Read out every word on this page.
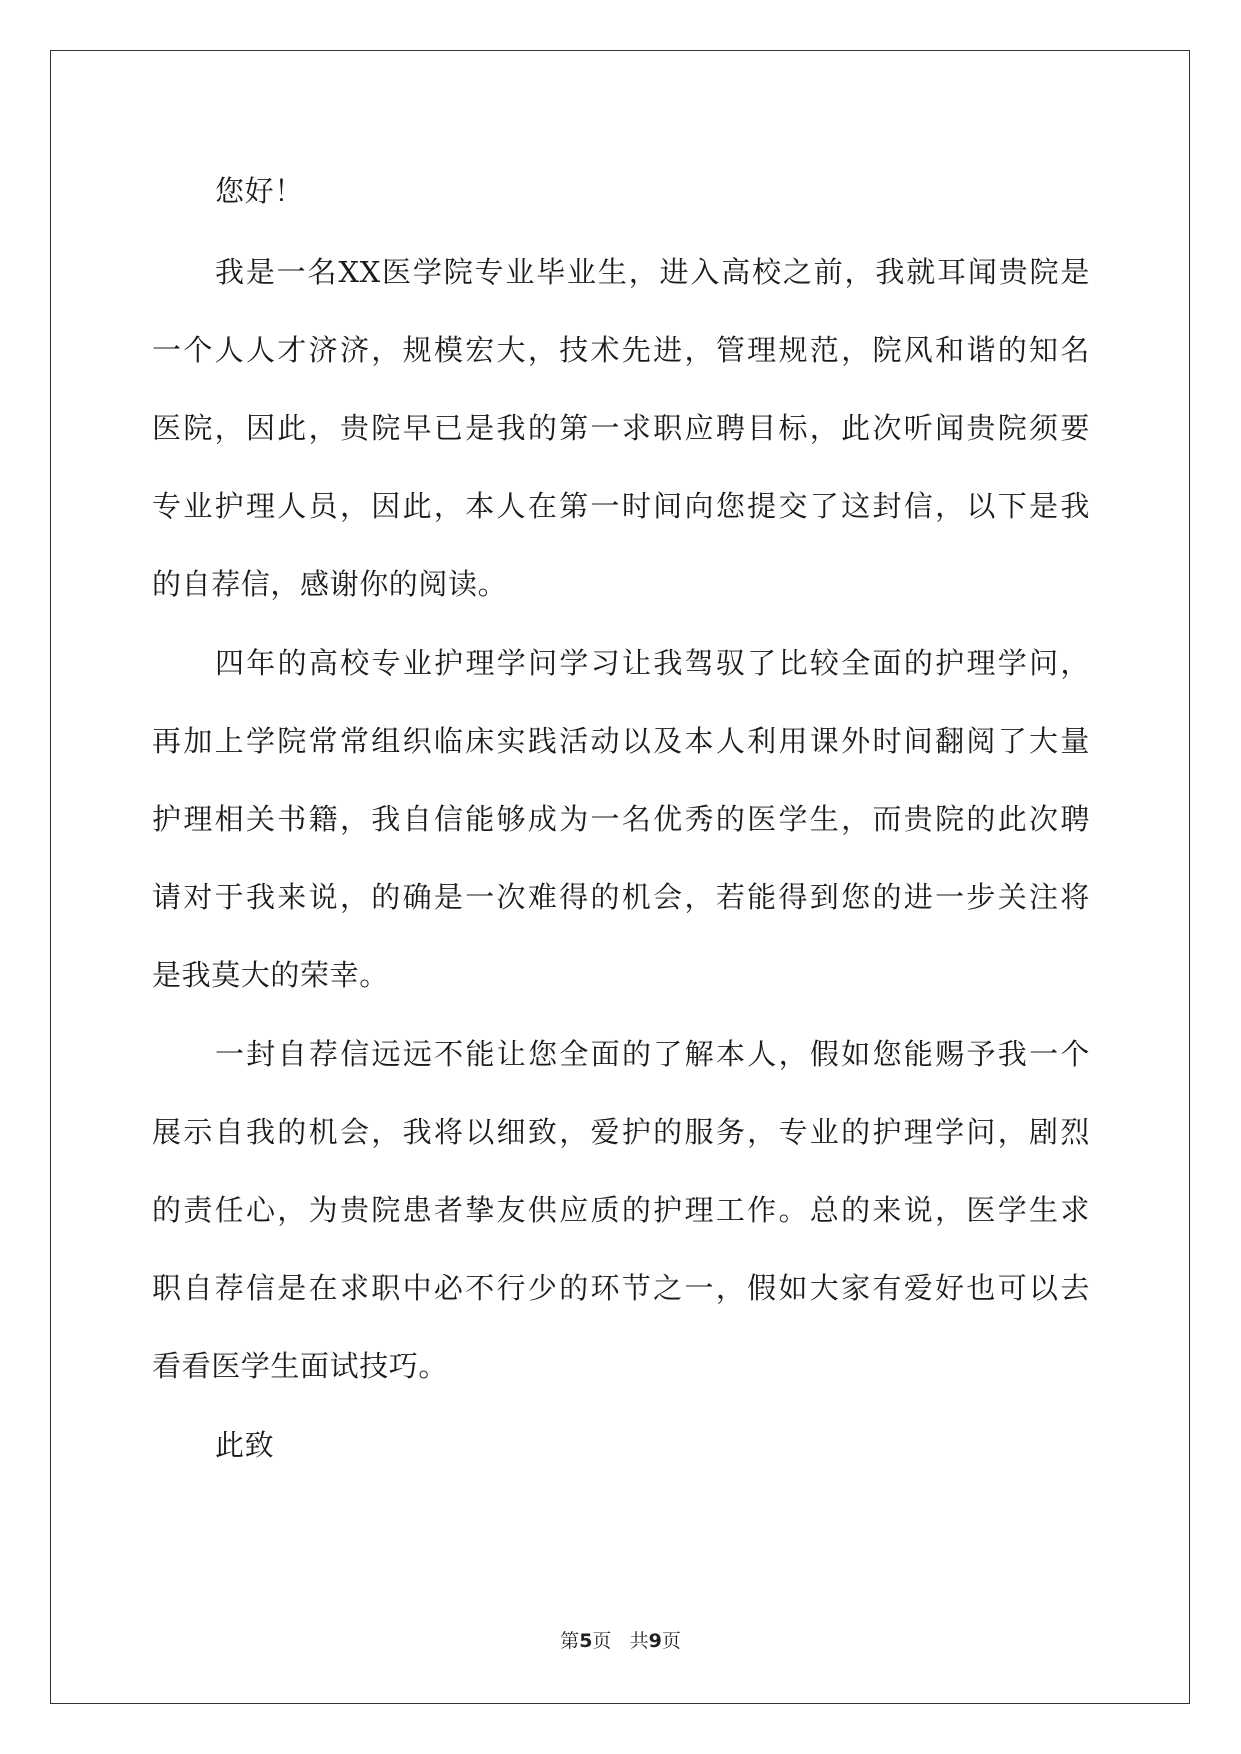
您好！
我是一名XX医学院专业毕业生，进入高校之前，我就耳闻贵院是
一个人人才济济，规模宏大，技术先进，管理规范，院风和谐的知名
医院，因此，贵院早已是我的第一求职应聘目标，此次听闻贵院须要
专业护理人员，因此，本人在第一时间向您提交了这封信，以下是我
的自荐信，感谢你的阅读。
四年的高校专业护理学问学习让我驾驭了比较全面的护理学问，
再加上学院常常组织临床实践活动以及本人利用课外时间翻阅了大量
护理相关书籍，我自信能够成为一名优秀的医学生，而贵院的此次聘
请对于我来说，的确是一次难得的机会，若能得到您的进一步关注将
是我莫大的荣幸。
一封自荐信远远不能让您全面的了解本人，假如您能赐予我一个
展示自我的机会，我将以细致，爱护的服务，专业的护理学问，剧烈
的责任心，为贵院患者挚友供应质的护理工作。总的来说，医学生求
职自荐信是在求职中必不行少的环节之一，假如大家有爱好也可以去
看看医学生面试技巧。
此致
第5页 共9页
